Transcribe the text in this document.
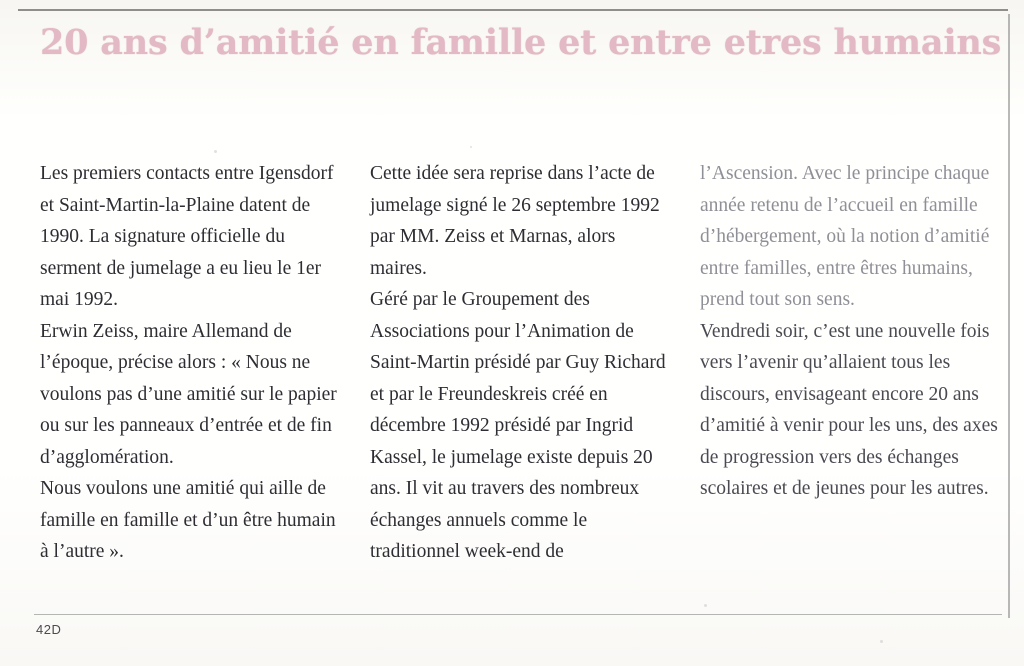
20 ans d’amitié en famille et entre etres humains

Les premiers contacts entre Igensdorf et Saint-Martin-la-Plaine datent de 1990. La signature officielle du serment de jumelage a eu lieu le 1er mai 1992.

Erwin Zeiss, maire Allemand de l’époque, précise alors : « Nous ne voulons pas d’une amitié sur le papier ou sur les panneaux d’entrée et de fin d’agglomération.

Nous voulons une amitié qui aille de famille en famille et d’un être humain à l’autre ».

Cette idée sera reprise dans l’acte de jumelage signé le 26 septembre 1992 par MM. Zeiss et Marnas, alors maires.

Géré par le Groupement des Associations pour l’Animation de Saint-Martin présidé par Guy Richard et par le Freundeskreis créé en décembre 1992 présidé par Ingrid Kassel, le jumelage existe depuis 20 ans. Il vit au travers des nombreux échanges annuels comme le traditionnel week-end de

l’Ascension. Avec le principe chaque année retenu de l’accueil en famille d’hébergement, où la notion d’amitié entre familles, entre êtres humains, prend tout son sens.

Vendredi soir, c’est une nouvelle fois vers l’avenir qu’allaient tous les discours, envisageant encore 20 ans d’amitié à venir pour les uns, des axes de progression vers des échanges scolaires et de jeunes pour les autres.

42D
